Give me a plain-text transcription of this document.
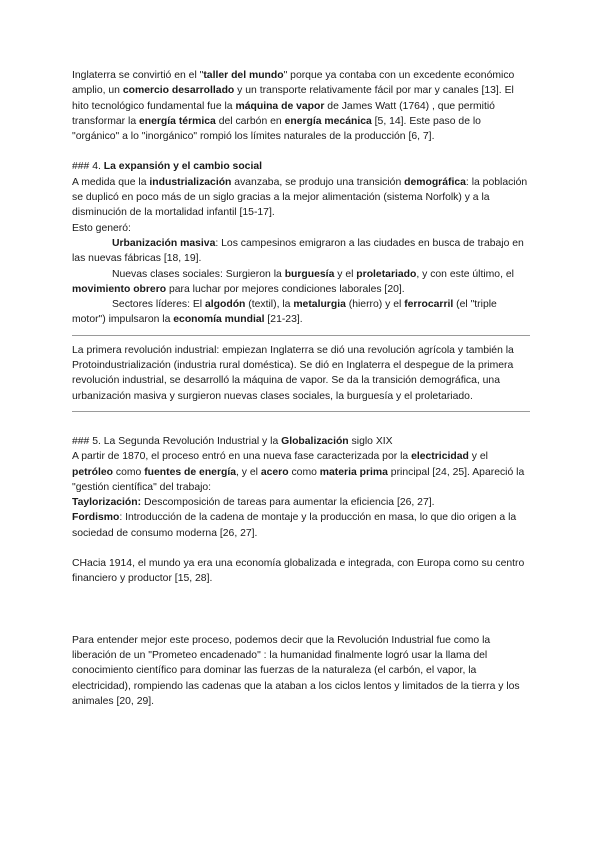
Inglaterra se convirtió en el "taller del mundo" porque ya contaba con un excedente económico amplio, un comercio desarrollado y un transporte relativamente fácil por mar y canales [13]. El hito tecnológico fundamental fue la máquina de vapor de James Watt (1764) , que permitió transformar la energía térmica del carbón en energía mecánica [5, 14]. Este paso de lo "orgánico" a lo "inorgánico" rompió los límites naturales de la producción [6, 7].

### 4. La expansión y el cambio social

A medida que la industrialización avanzaba, se produjo una transición demográfica: la población se duplicó en poco más de un siglo gracias a la mejor alimentación (sistema Norfolk) y a la disminución de la mortalidad infantil [15-17].

Esto generó:

Urbanización masiva: Los campesinos emigraron a las ciudades en busca de trabajo en las nuevas fábricas [18, 19].

Nuevas clases sociales: Surgieron la burguesía y el proletariado, y con este último, el movimiento obrero para luchar por mejores condiciones laborales [20].

Sectores líderes: El algodón (textil), la metalurgia (hierro) y el ferrocarril (el "triple motor") impulsaron la economía mundial [21-23].

La primera revolución industrial: empiezan Inglaterra se dió una revolución agrícola y también la Protoindustrialización (industria rural doméstica). Se dió en Inglaterra el despegue de la primera revolución industrial, se desarrolló la máquina de vapor. Se da la transición demográfica, una urbanización masiva y surgieron nuevas clases sociales, la burguesía y el proletariado.

### 5. La Segunda Revolución Industrial y la Globalización siglo XIX

A partir de 1870, el proceso entró en una nueva fase caracterizada por la electricidad y el petróleo como fuentes de energía, y el acero como materia prima principal [24, 25]. Apareció la "gestión científica" del trabajo:

Taylorización: Descomposición de tareas para aumentar la eficiencia [26, 27].

Fordismo: Introducción de la cadena de montaje y la producción en masa, lo que dio origen a la sociedad de consumo moderna [26, 27].

CHacia 1914, el mundo ya era una economía globalizada e integrada, con Europa como su centro financiero y productor [15, 28].

Para entender mejor este proceso, podemos decir que la Revolución Industrial fue como la liberación de un "Prometeo encadenado" : la humanidad finalmente logró usar la llama del conocimiento científico para dominar las fuerzas de la naturaleza (el carbón, el vapor, la electricidad), rompiendo las cadenas que la ataban a los ciclos lentos y limitados de la tierra y los animales [20, 29].
